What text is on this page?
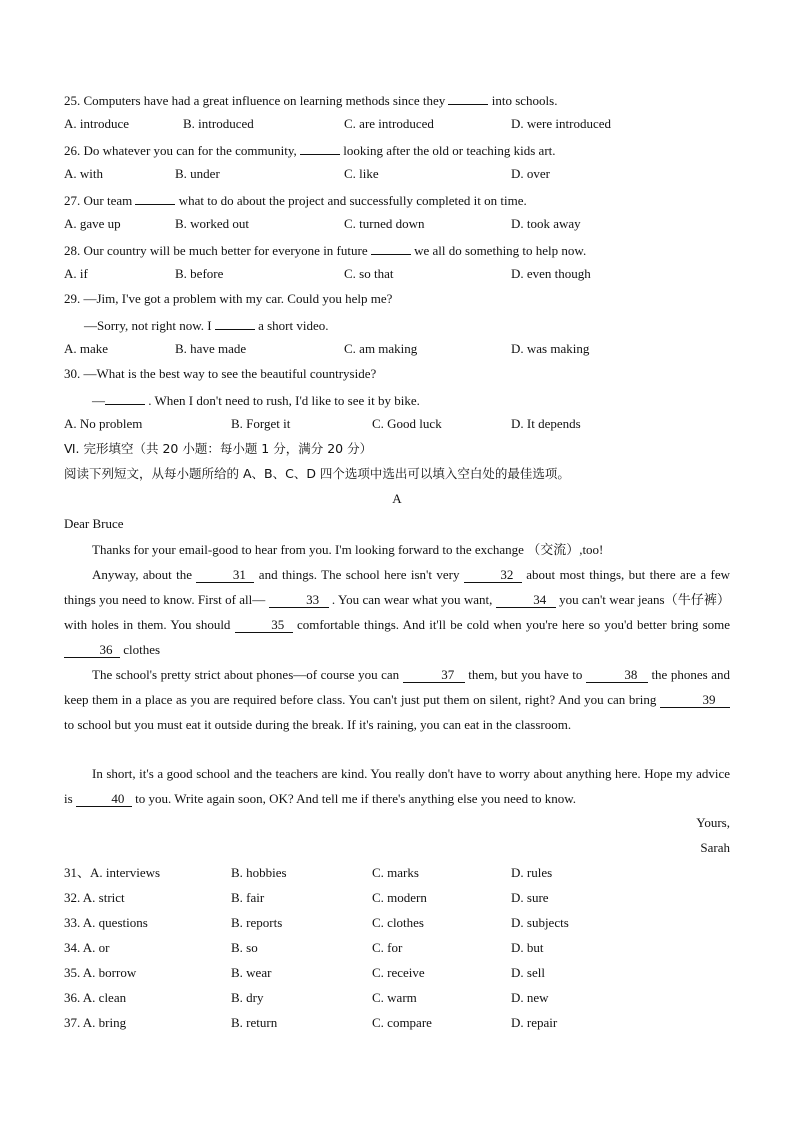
25. Computers have had a great influence on learning methods since they	into schools.
A. introduce	B. introduced	C. are introduced	D. were introduced
26. Do whatever you can for the community,	looking after the old or teaching kids art.
A. with	B. under	C. like	D. over
27. Our team	what to do about the project and successfully completed it on time.
A. gave up	B. worked out	C. turned down	D. took away
28. Our country will be much better for everyone in future	we all do something to help now.
A. if	B. before	C. so that	D. even though
29. —Jim, I've got a problem with my car. Could you help me?
—Sorry, not right now. I	a short video.
A. make	B. have made	C. am making	D. was making
30. —What is the best way to see the beautiful countryside?
—	. When I don't need to rush, I'd like to see it by bike.
A. No problem	B. Forget it	C. Good luck	D. It depends
Ⅵ. 完形填空（共 20 小题：每小题 1 分，满分 20 分）
阅读下列短文，从每小题所给的 A、B、C、D 四个选项中选出可以填入空白处的最佳选项。
A
Dear Bruce
Thanks for your email-good to hear from you. I'm looking forward to the exchange （交流）,too!
Anyway, about the	31 and things. The school here isn't very	32 about most things, but there are a few things you need to know. First of all—	33 . You can wear what you want,	34 you can't wear jeans（牛仔裤） with holes in them. You should	35 comfortable things. And it'll be cold when you're here so you'd better bring some 36 clothes
The school's pretty strict about phones—of course you can	37 them, but you have to	38 the phones and keep them in a place as you are required before class. You can't just put them on silent, right? And you can bring	39 to school but you must eat it outside during the break. If it's raining, you can eat in the classroom.
In short, it's a good school and the teachers are kind. You really don't have to worry about anything here. Hope my advice is	40 to you. Write again soon, OK? And tell me if there's anything else you need to know.
Yours,
Sarah
31、A. interviews	B. hobbies	C. marks	D. rules
32. A. strict	B. fair	C. modern	D. sure
33. A. questions	B. reports	C. clothes	D. subjects
34. A. or	B. so	C. for	D. but
35. A. borrow	B. wear	C. receive	D. sell
36. A. clean	B. dry	C. warm	D. new
37. A. bring	B. return	C. compare	D. repair
